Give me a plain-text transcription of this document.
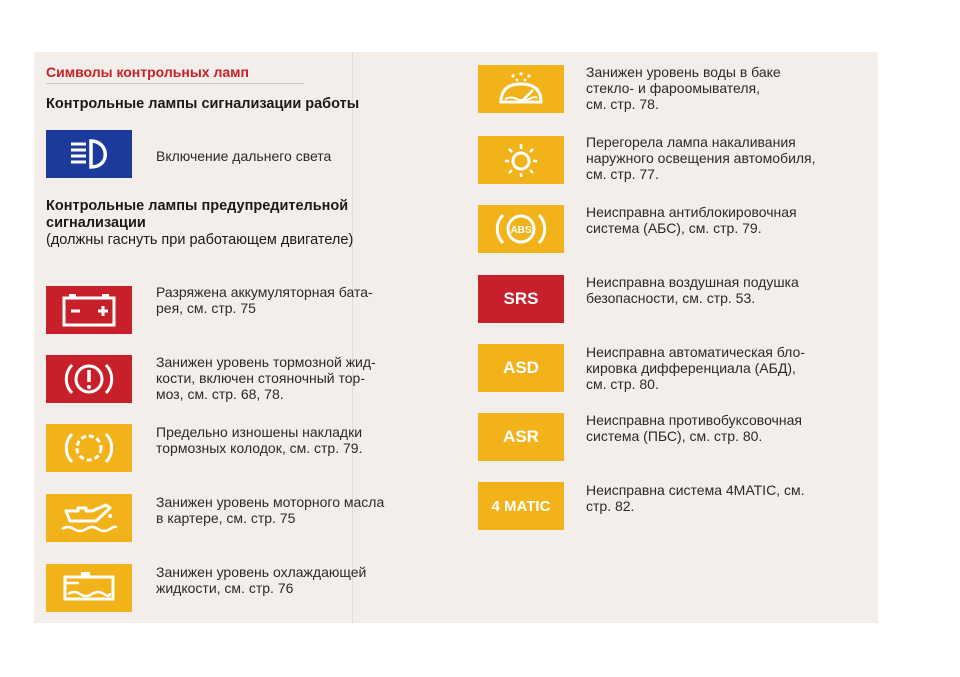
Символы контрольных ламп
Контрольные лампы сигнализации работы
Включение дальнего света
Контрольные лампы предупредительной
сигнализации
(должны гаснуть при работающем двигателе)
Разряжена аккумуляторная бата-
рея, см. стр. 75
Занижен уровень тормозной жид-
кости, включен стояночный тор-
моз, см. стр. 68, 78.
Предельно изношены накладки
тормозных колодок, см. стр. 79.
Занижен уровень моторного масла
в картере, см. стр. 75
Занижен уровень охлаждающей
жидкости, см. стр. 76
Занижен уровень воды в баке
стекло- и фароомывателя,
см. стр. 78.
Перегорела лампа накаливания
наружного освещения автомобиля,
см. стр. 77.
ABS
Неисправна антиблокировочная
система (АБС), см. стр. 79.
SRS
Неисправна воздушная подушка
безопасности, см. стр. 53.
ASD
Неисправна автоматическая бло-
кировка дифференциала (АБД),
см. стр. 80.
ASR
Неисправна противобуксовочная
система (ПБС), см. стр. 80.
4 MATIC
Неисправна система 4MATIC, см.
стр. 82.
